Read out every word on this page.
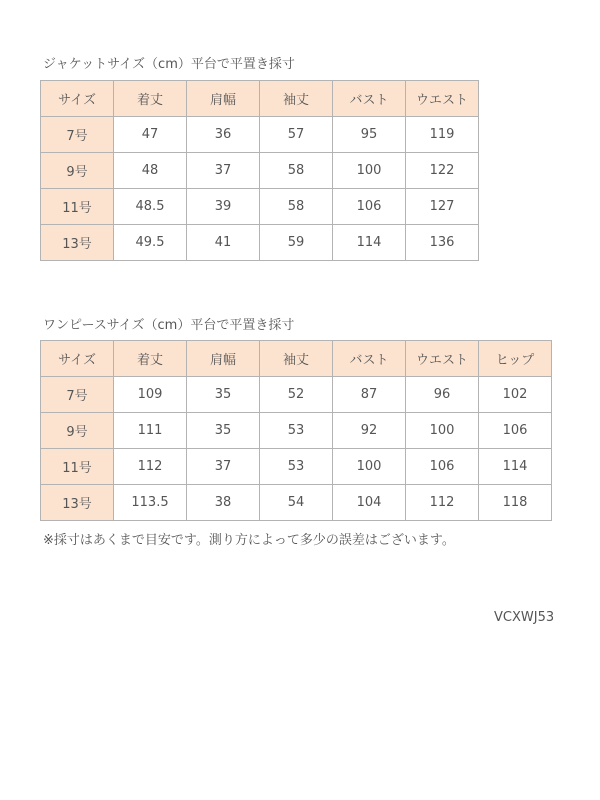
ジャケットサイズ（cm）平台で平置き採寸
サイズ	着丈	肩幅	袖丈	バスト	ウエスト
7号	47	36	57	95	119
9号	48	37	58	100	122
11号	48.5	39	58	106	127
13号	49.5	41	59	114	136
ワンピースサイズ（cm）平台で平置き採寸
サイズ	着丈	肩幅	袖丈	バスト	ウエスト	ヒップ
7号	109	35	52	87	96	102
9号	111	35	53	92	100	106
11号	112	37	53	100	106	114
13号	113.5	38	54	104	112	118
※採寸はあくまで目安です。測り方によって多少の誤差はございます。
VCXWJ53
